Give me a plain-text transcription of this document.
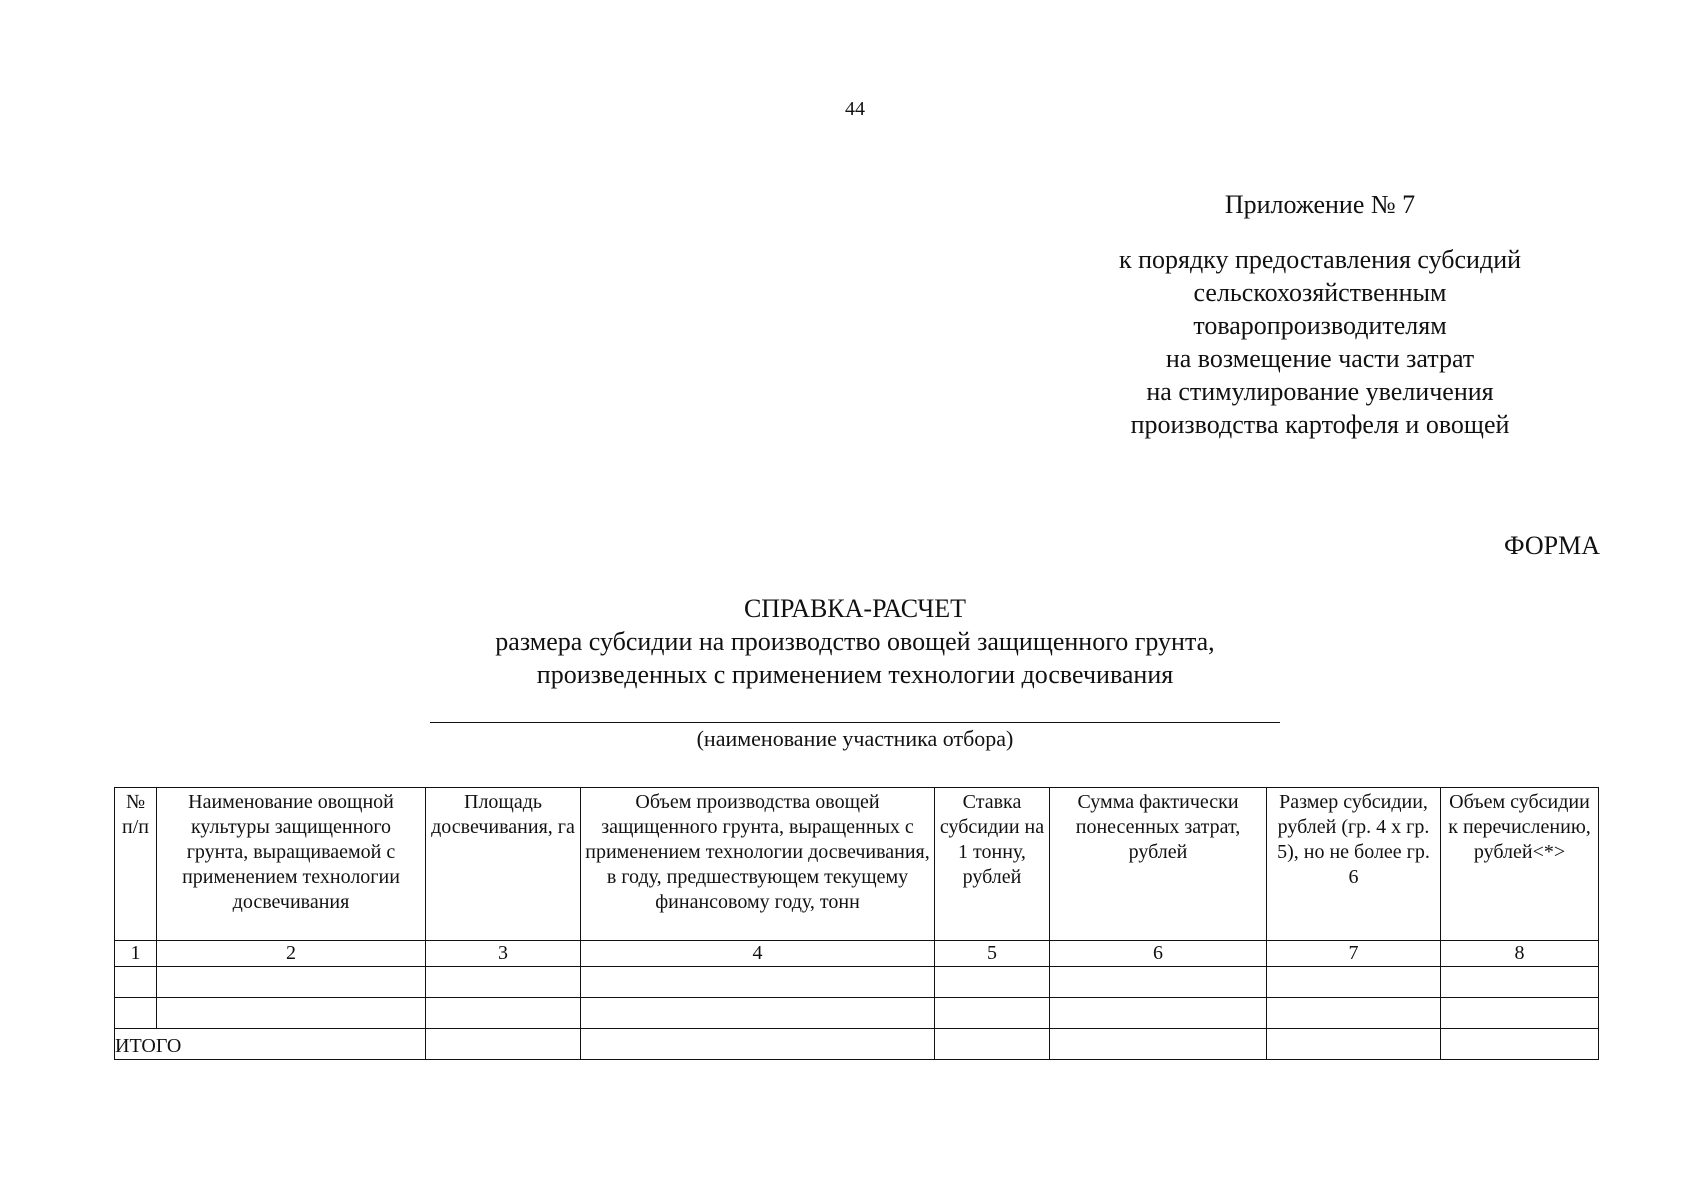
44
Приложение № 7
к порядку предоставления субсидий
сельскохозяйственным
товаропроизводителям
на возмещение части затрат
на стимулирование увеличения
производства картофеля и овощей
ФОРМА
СПРАВКА-РАСЧЕТ
размера субсидии на производство овощей защищенного грунта,
произведенных с применением технологии досвечивания
(наименование участника отбора)
№ п/п	Наименование овощной культуры защищенного грунта, выращиваемой с применением технологии досвечивания	Площадь досвечивания, га	Объем производства овощей защищенного грунта, выращенных с применением технологии досвечивания, в году, предшествующем текущему финансовому году, тонн	Ставка субсидии на 1 тонну, рублей	Сумма фактически понесенных затрат, рублей	Размер субсидии, рублей (гр. 4 x гр. 5), но не более гр. 6	Объем субсидии к перечислению, рублей<*>
1	2	3	4	5	6	7	8

ИТОГО							
